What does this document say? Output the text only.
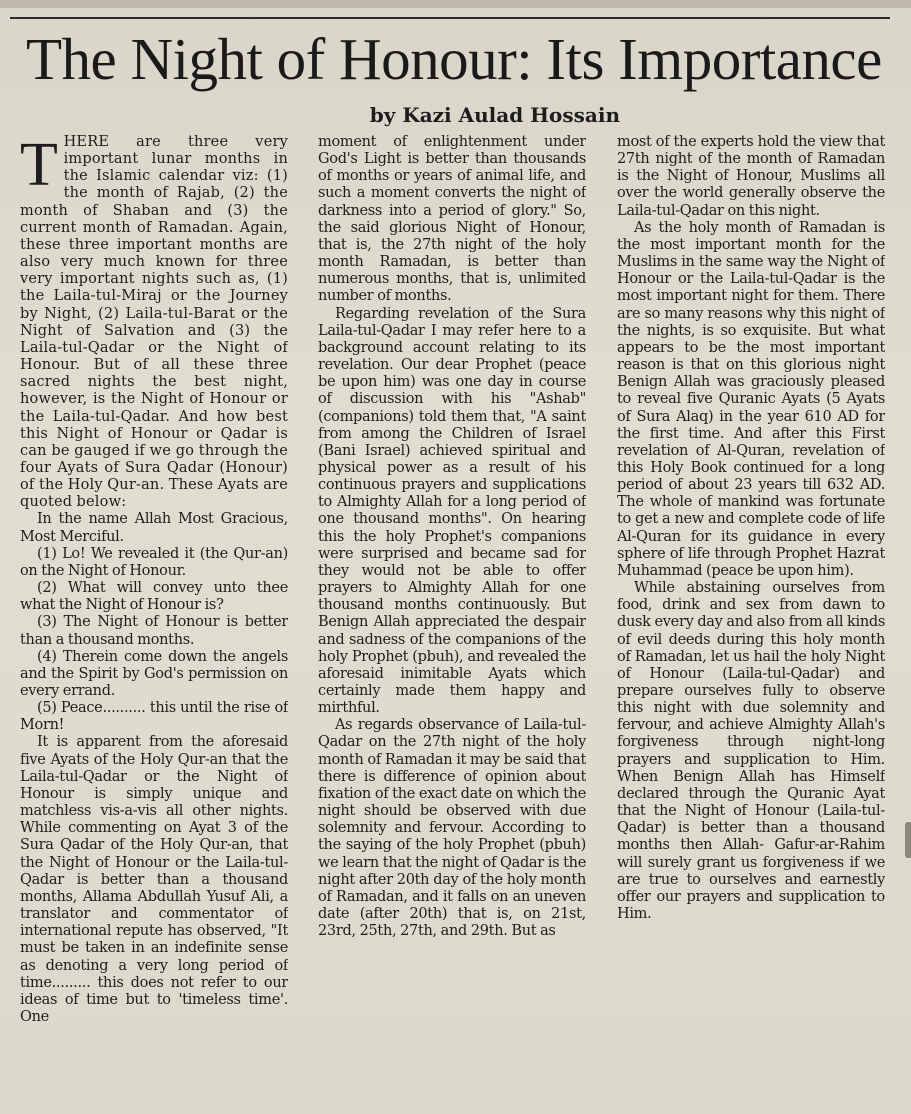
The Night of Honour: Its Importance
by Kazi Aulad Hossain

THERE are three very important lunar months in the Islamic calendar viz: (1) the month of Rajab, (2) the month of Shaban and (3) the current month of Ramadan. Again, these three important months are also very much known for three very important nights such as, (1) the Laila-tul-Miraj or the Journey by Night, (2) Laila-tul-Barat or the Night of Salvation and (3) the Laila-tul-Qadar or the Night of Honour. But of all these three sacred nights the best night, however, is the Night of Honour or the Laila-tul-Qadar. And how best this Night of Honour or Qadar is can be gauged if we go through the four Ayats of Sura Qadar (Honour) of the Holy Qur-an. These Ayats are quoted below:

In the name Allah Most Gracious, Most Merciful.

(1) Lo! We revealed it (the Qur-an) on the Night of Honour.

(2) What will convey unto thee what the Night of Honour is?

(3) The Night of Honour is better than a thousand months.

(4) Therein come down the angels and the Spirit by God's permission on every errand.

(5) Peace.......... this until the rise of Morn!

It is apparent from the aforesaid five Ayats of the Holy Qur-an that the Laila-tul-Qadar or the Night of Honour is simply unique and matchless vis-a-vis all other nights. While commenting on Ayat 3 of the Sura Qadar of the Holy Qur-an, that the Night of Honour or the Laila-tul-Qadar is better than a thousand months, Allama Abdullah Yusuf Ali, a translator and commentator of international repute has observed, "It must be taken in an indefinite sense as denoting a very long period of time......... this does not refer to our ideas of time but to 'timeless time'. One

moment of enlightenment under God's Light is better than thousands of months or years of animal life, and such a moment converts the night of darkness into a period of glory." So, the said glorious Night of Honour, that is, the 27th night of the holy month Ramadan, is better than numerous months, that is, unlimited number of months.

Regarding revelation of the Sura Laila-tul-Qadar I may refer here to a background account relating to its revelation. Our dear Prophet (peace be upon him) was one day in course of discussion with his "Ashab" (companions) told them that, "A saint from among the Children of Israel (Bani Israel) achieved spiritual and physical power as a result of his continuous prayers and supplications to Almighty Allah for a long period of one thousand months". On hearing this the holy Prophet's companions were surprised and became sad for they would not be able to offer prayers to Almighty Allah for one thousand months continuously. But Benign Allah appreciated the despair and sadness of the companions of the holy Prophet (pbuh), and revealed the aforesaid inimitable Ayats which certainly made them happy and mirthful.

As regards observance of Laila-tul-Qadar on the 27th night of the holy month of Ramadan it may be said that there is difference of opinion about fixation of the exact date on which the night should be observed with due solemnity and fervour. According to the saying of the holy Prophet (pbuh) we learn that the night of Qadar is the night after 20th day of the holy month of Ramadan, and it falls on an uneven date (after 20th) that is, on 21st, 23rd, 25th, 27th, and 29th. But as

most of the experts hold the view that 27th night of the month of Ramadan is the Night of Honour, Muslims all over the world generally observe the Laila-tul-Qadar on this night.

As the holy month of Ramadan is the most important month for the Muslims in the same way the Night of Honour or the Laila-tul-Qadar is the most important night for them. There are so many reasons why this night of the nights, is so exquisite. But what appears to be the most important reason is that on this glorious night Benign Allah was graciously pleased to reveal five Quranic Ayats (5 Ayats of Sura Alaq) in the year 610 AD for the first time. And after this First revelation of Al-Quran, revelation of this Holy Book continued for a long period of about 23 years till 632 AD. The whole of mankind was fortunate to get a new and complete code of life Al-Quran for its guidance in every sphere of life through Prophet Hazrat Muhammad (peace be upon him).

While abstaining ourselves from food, drink and sex from dawn to dusk every day and also from all kinds of evil deeds during this holy month of Ramadan, let us hail the holy Night of Honour (Laila-tul-Qadar) and prepare ourselves fully to observe this night with due solemnity and fervour, and achieve Almighty Allah's forgiveness through night-long prayers and supplication to Him. When Benign Allah has Himself declared through the Quranic Ayat that the Night of Honour (Laila-tul-Qadar) is better than a thousand months then Allah- Gafur-ar-Rahim will surely grant us forgiveness if we are true to ourselves and earnestly offer our prayers and supplication to Him.
